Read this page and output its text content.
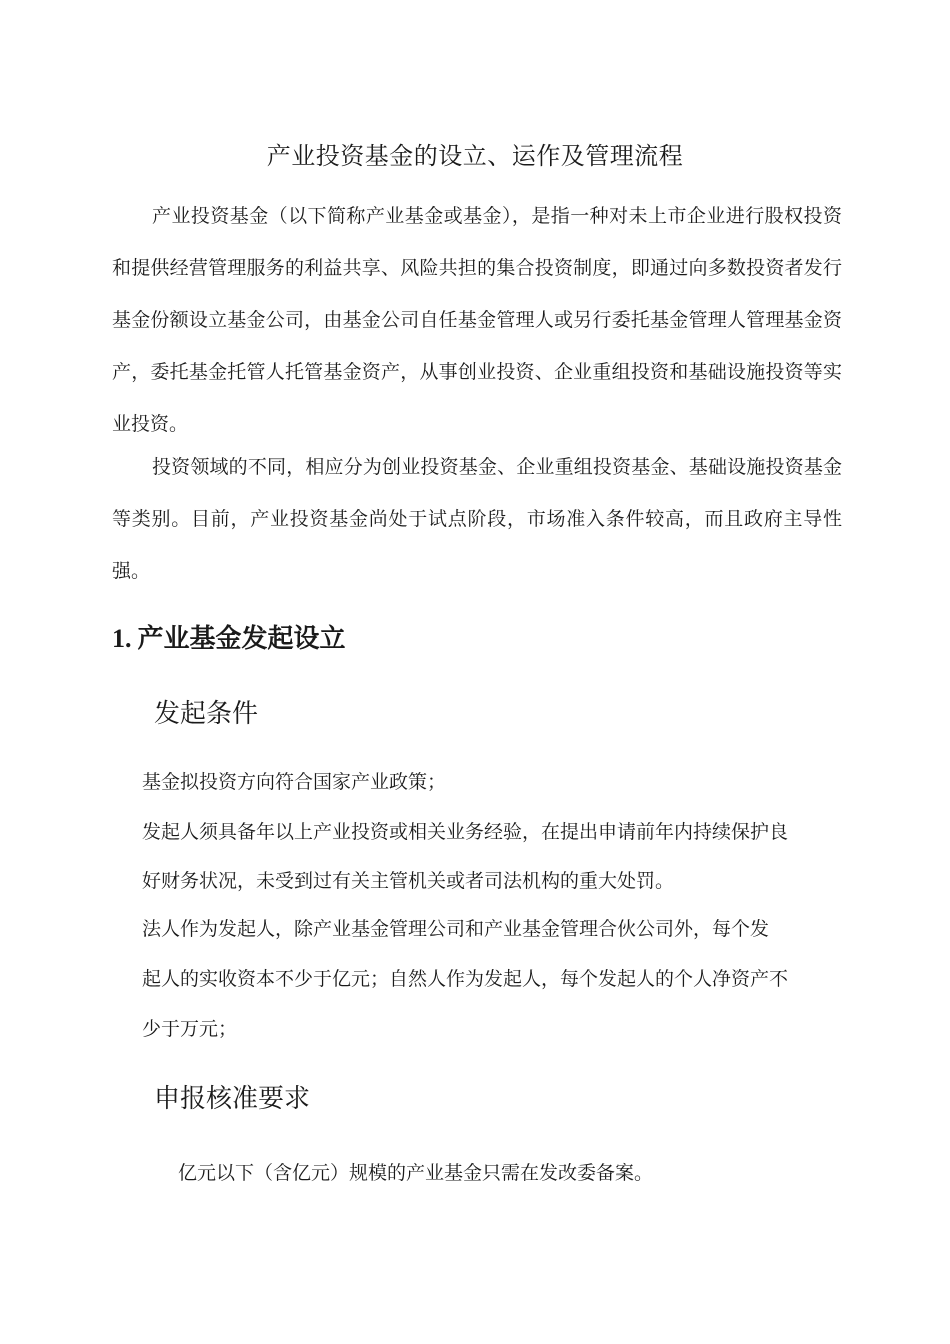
产业投资基金的设立、运作及管理流程

产业投资基金（以下简称产业基金或基金），是指一种对未上市企业进行股权投资和提供经营管理服务的利益共享、风险共担的集合投资制度，即通过向多数投资者发行基金份额设立基金公司，由基金公司自任基金管理人或另行委托基金管理人管理基金资产，委托基金托管人托管基金资产，从事创业投资、企业重组投资和基础设施投资等实业投资。

投资领域的不同，相应分为创业投资基金、企业重组投资基金、基础设施投资基金等类别。目前，产业投资基金尚处于试点阶段，市场准入条件较高，而且政府主导性强。

1. 产业基金发起设立
发起条件

基金拟投资方向符合国家产业政策；

发起人须具备年以上产业投资或相关业务经验，在提出申请前年内持续保护良

好财务状况，未受到过有关主管机关或者司法机构的重大处罚。

法人作为发起人，除产业基金管理公司和产业基金管理合伙公司外，每个发

起人的实收资本不少于亿元；自然人作为发起人，每个发起人的个人净资产不

少于万元；

申报核准要求

亿元以下（含亿元）规模的产业基金只需在发改委备案。
